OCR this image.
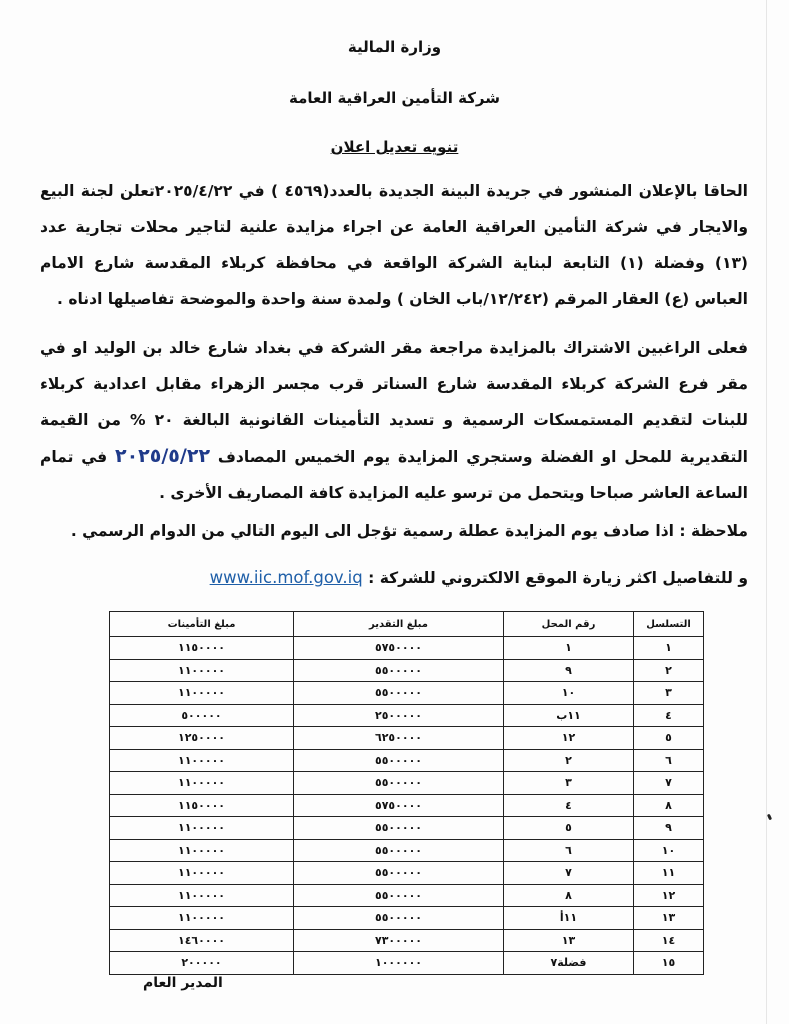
وزارة المالية
شركة التأمين العراقية العامة
تنويه تعديل اعلان
الحاقا بالإعلان المنشور في جريدة البينة الجديدة بالعدد(٤٥٦٩ ) في ٢٠٢٥/٤/٢٢تعلن لجنة البيع والايجار في شركة التأمين العراقية العامة عن اجراء مزايدة علنية لتاجير محلات تجارية عدد (١٣) وفضلة (١) التابعة لبناية الشركة الواقعة في محافظة كربلاء المقدسة شارع الامام العباس (ع) العقار المرقم (١٢/٢٤٢/باب الخان ) ولمدة سنة واحدة والموضحة تفاصيلها ادناه .
فعلى الراغبين الاشتراك بالمزايدة مراجعة مقر الشركة في بغداد شارع خالد بن الوليد او في مقر فرع الشركة كربلاء المقدسة شارع السناتر قرب مجسر الزهراء مقابل اعدادية كربلاء للبنات لتقديم المستمسكات الرسمية و تسديد التأمينات القانونية البالغة ٢٠ % من القيمة التقديرية للمحل او الفضلة وستجري المزايدة يوم الخميس المصادف ٢٠٢٥/٥/٢٢ في تمام الساعة العاشر صباحا ويتحمل من ترسو عليه المزايدة كافة المصاريف الأخرى .
ملاحظة : اذا صادف يوم المزايدة عطلة رسمية تؤجل الى اليوم التالي من الدوام الرسمي .
و للتفاصيل اكثر زيارة الموقع الالكتروني للشركة : www.iic.mof.gov.iq
التسلسل	رقم المحل	مبلغ التقدير	مبلغ التأمينات
١	١	٥٧٥٠٠٠٠	١١٥٠٠٠٠
٢	٩	٥٥٠٠٠٠٠	١١٠٠٠٠٠
٣	١٠	٥٥٠٠٠٠٠	١١٠٠٠٠٠
٤	١١ب	٢٥٠٠٠٠٠	٥٠٠٠٠٠
٥	١٢	٦٢٥٠٠٠٠	١٢٥٠٠٠٠
٦	٢	٥٥٠٠٠٠٠	١١٠٠٠٠٠
٧	٣	٥٥٠٠٠٠٠	١١٠٠٠٠٠
٨	٤	٥٧٥٠٠٠٠	١١٥٠٠٠٠
٩	٥	٥٥٠٠٠٠٠	١١٠٠٠٠٠
١٠	٦	٥٥٠٠٠٠٠	١١٠٠٠٠٠
١١	٧	٥٥٠٠٠٠٠	١١٠٠٠٠٠
١٢	٨	٥٥٠٠٠٠٠	١١٠٠٠٠٠
١٣	١١أ	٥٥٠٠٠٠٠	١١٠٠٠٠٠
١٤	١٣	٧٣٠٠٠٠٠	١٤٦٠٠٠٠
١٥	فضلة٧	١٠٠٠٠٠٠	٢٠٠٠٠٠
المدير العام
